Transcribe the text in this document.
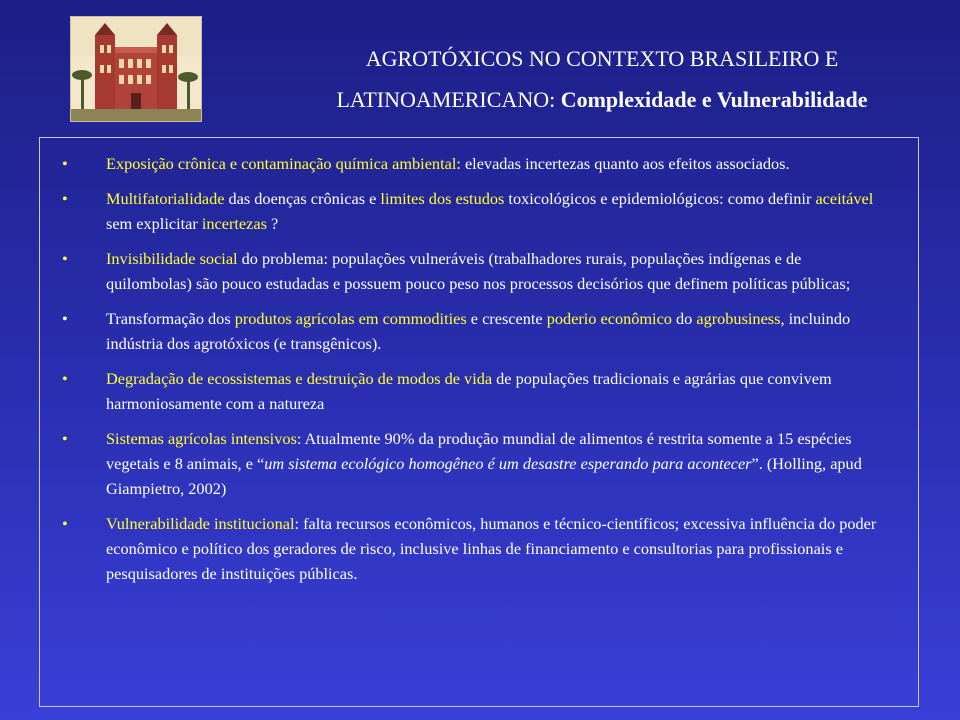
AGROTÓXICOS NO CONTEXTO BRASILEIRO E
LATINOAMERICANO: Complexidade e Vulnerabilidade
•	Exposição crônica e contaminação química ambiental: elevadas incertezas quanto aos efeitos associados.
•	Multifatorialidade das doenças crônicas e limites dos estudos toxicológicos e epidemiológicos: como definir aceitável sem explicitar incertezas ?
•	Invisibilidade social do problema: populações vulneráveis (trabalhadores rurais, populações indígenas e de quilombolas) são pouco estudadas e possuem pouco peso nos processos decisórios que definem políticas públicas;
•	Transformação dos produtos agrícolas em commodities e crescente poderio econômico do agrobusiness, incluindo indústria dos agrotóxicos (e transgênicos).
•	Degradação de ecossistemas e destruição de modos de vida de populações tradicionais e agrárias que convivem harmoniosamente com a natureza
•	Sistemas agrícolas intensivos: Atualmente 90% da produção mundial de alimentos é restrita somente a 15 espécies vegetais e 8 animais, e “um sistema ecológico homogêneo é um desastre esperando para acontecer”. (Holling, apud Giampietro, 2002)
•	Vulnerabilidade institucional: falta recursos econômicos, humanos e técnico-científicos; excessiva influência do poder econômico e político dos geradores de risco, inclusive linhas de financiamento e consultorias para profissionais e pesquisadores de instituições públicas.
